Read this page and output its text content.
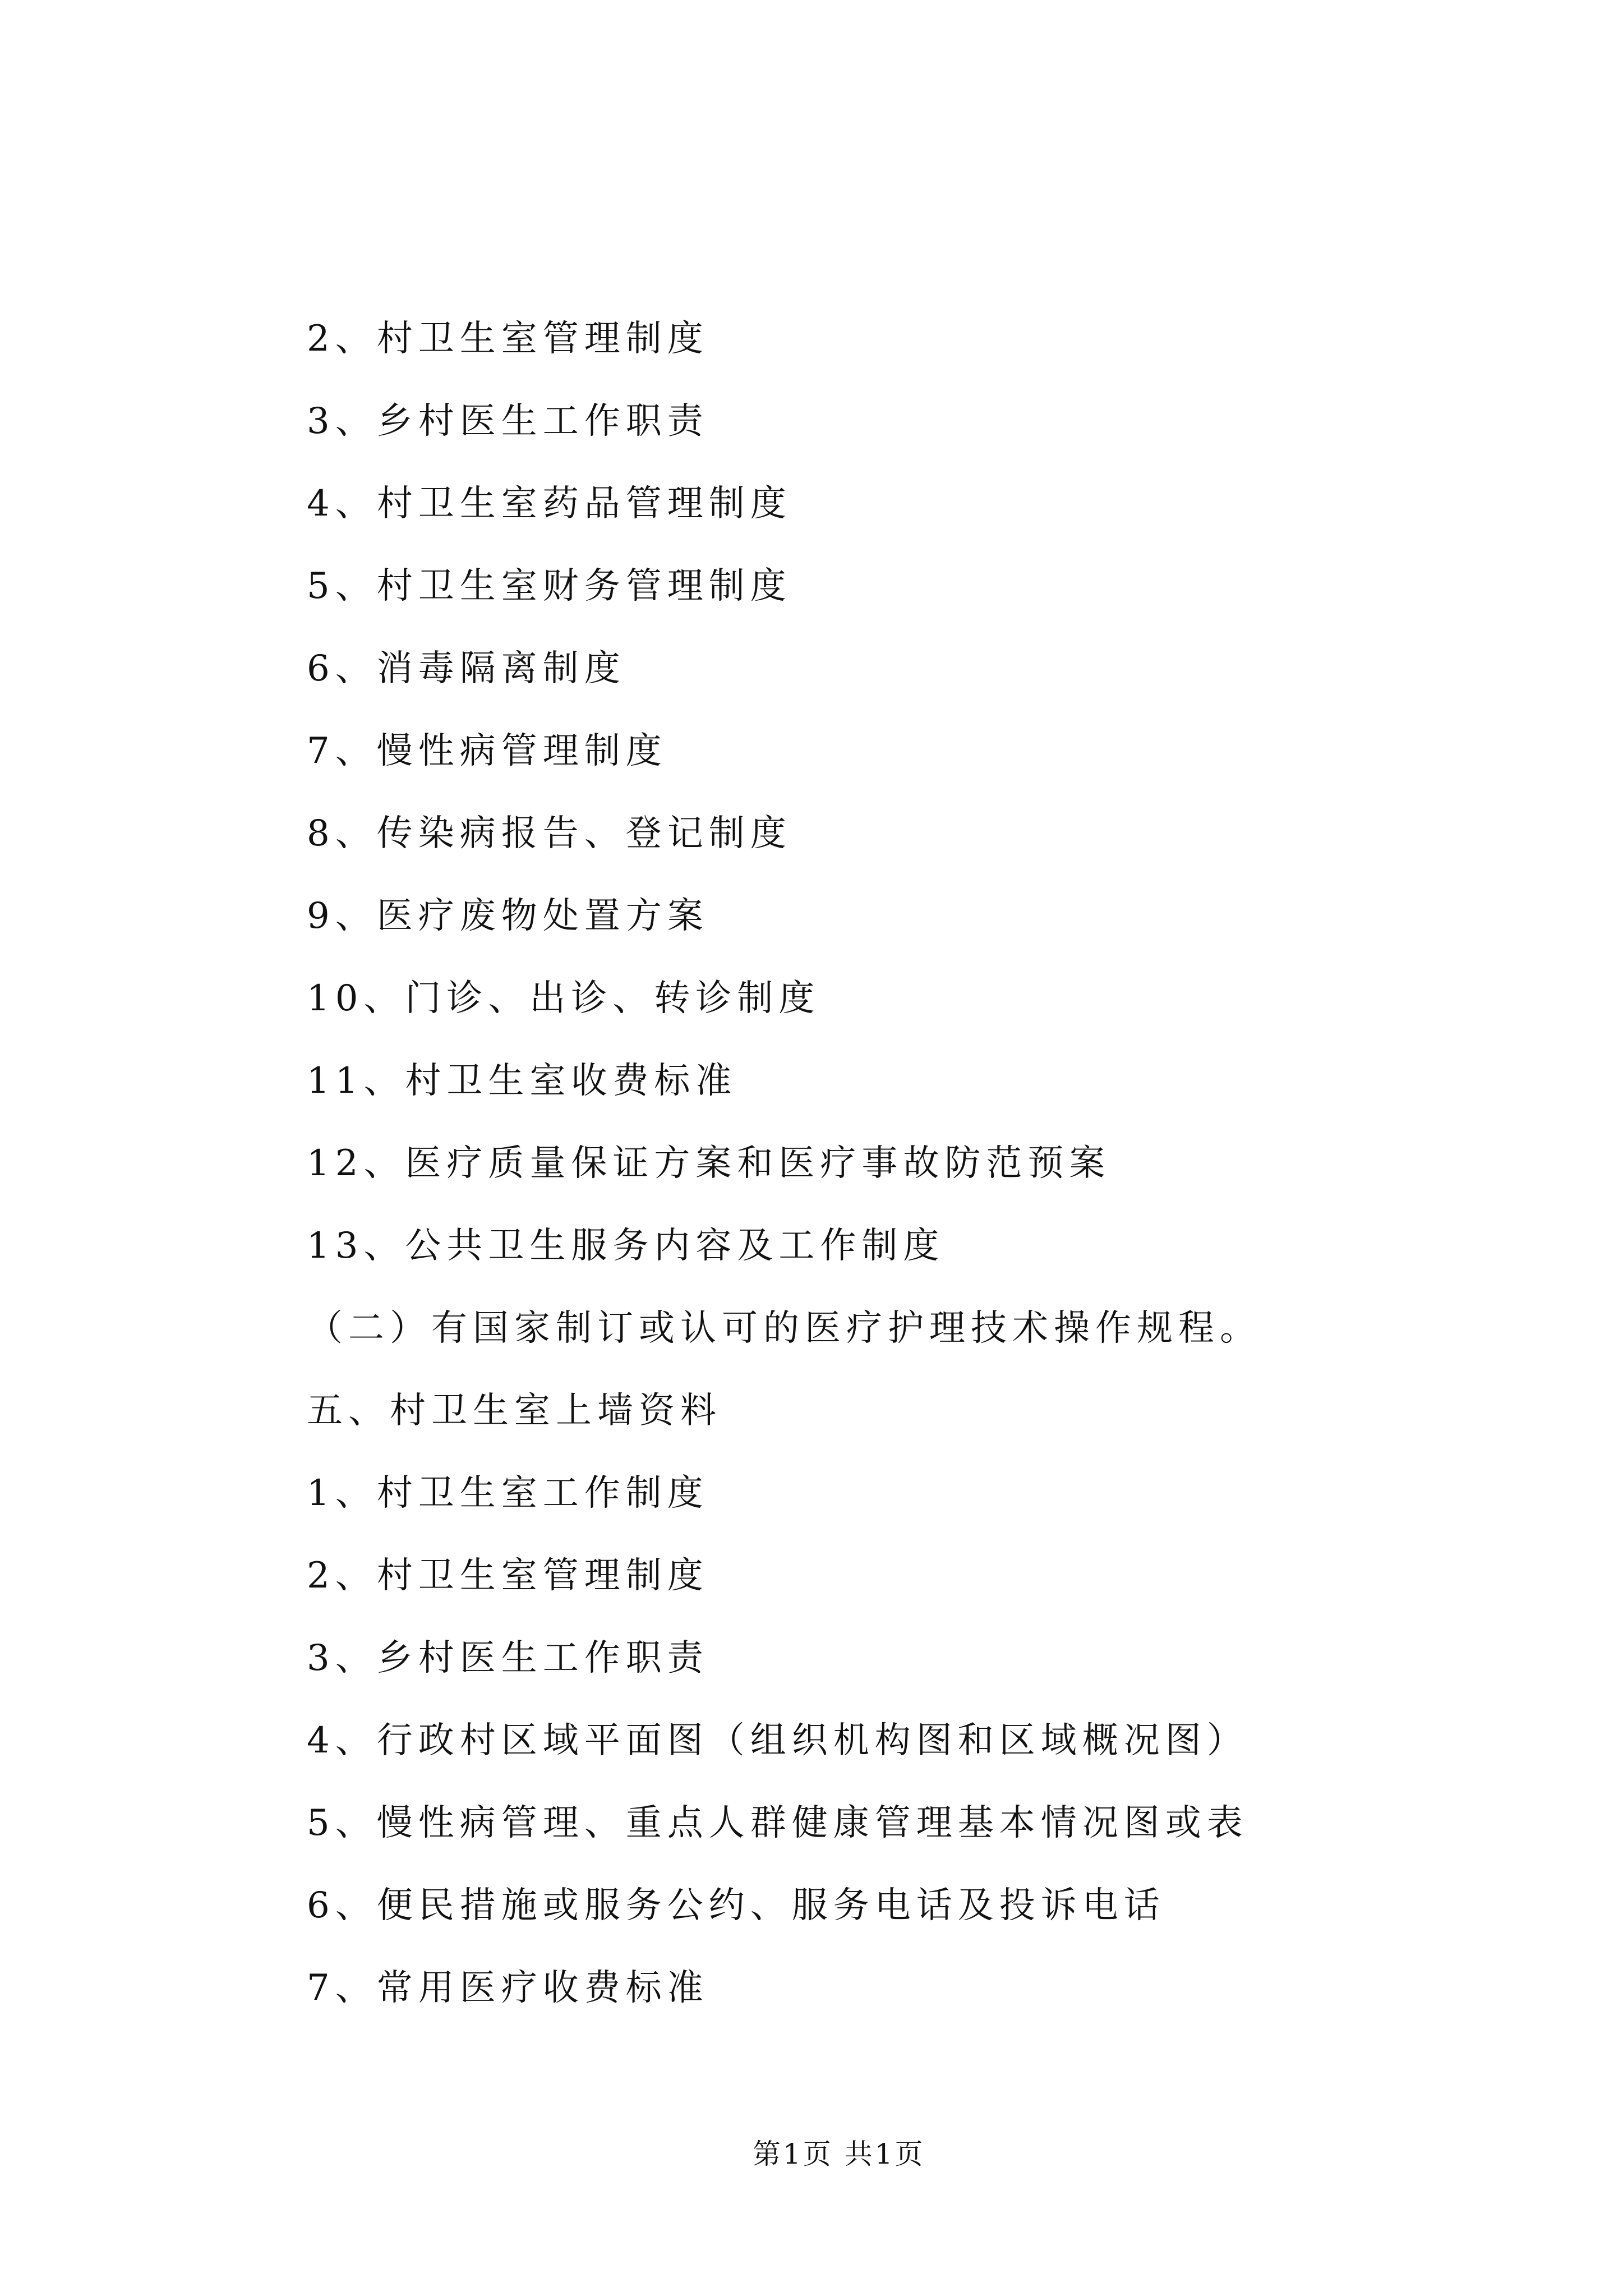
2、村卫生室管理制度
3、乡村医生工作职责
4、村卫生室药品管理制度
5、村卫生室财务管理制度
6、消毒隔离制度
7、慢性病管理制度
8、传染病报告、登记制度
9、医疗废物处置方案
10、门诊、出诊、转诊制度
11、村卫生室收费标准
12、医疗质量保证方案和医疗事故防范预案
13、公共卫生服务内容及工作制度
（二）有国家制订或认可的医疗护理技术操作规程。
五、村卫生室上墙资料
1、村卫生室工作制度
2、村卫生室管理制度
3、乡村医生工作职责
4、行政村区域平面图（组织机构图和区域概况图）
5、慢性病管理、重点人群健康管理基本情况图或表
6、便民措施或服务公约、服务电话及投诉电话
7、常用医疗收费标准
第1页 共1页
